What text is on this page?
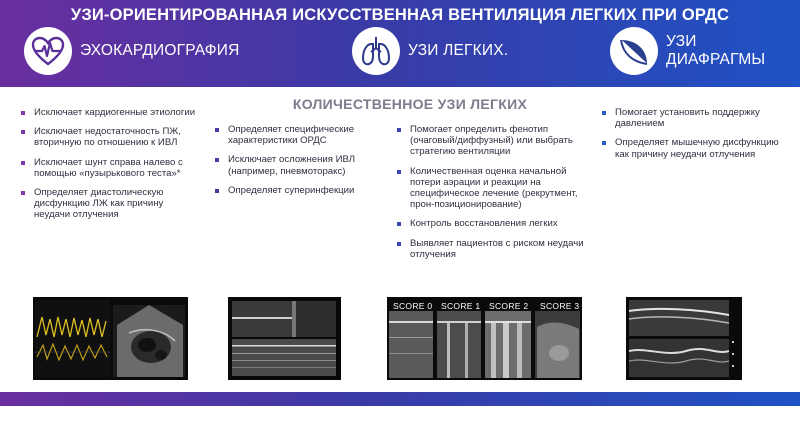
УЗИ-ОРИЕНТИРОВАННАЯ ИСКУССТВЕННАЯ ВЕНТИЛЯЦИЯ ЛЕГКИХ ПРИ ОРДС
ЭХОКАРДИОГРАФИЯ	УЗИ ЛЕГКИХ.
УЗИ ДИАФРАГМЫ
КОЛИЧЕСТВЕННОЕ УЗИ ЛЕГКИХ
Исключает кардиогенные этиологии
Исключает недостаточность ПЖ, вторичную по отношению к ИВЛ
Исключает шунт справа налево с помощью «пузырькового теста»*
Определяет диастолическую дисфункцию ЛЖ как причину неудачи отлучения
Определяет специфические характеристики ОРДС
Исключает осложнения ИВЛ (например, пневмоторакс)
Определяет суперинфекции
Помогает определить фенотип (очаговый/диффузный) или выбрать стратегию вентиляции
Количественная оценка начальной потери аэрации и реакции на специфическое лечение (рекрутмент, прон-позиционирование)
Контроль восстановления легких
Выявляет пациентов с риском неудачи отлучения
Помогает установить поддержку давлением
Определяет мышечную дисфункцию как причину неудачи отлучения
SCORE 0 SCORE 1 SCORE 2 SCORE 3
